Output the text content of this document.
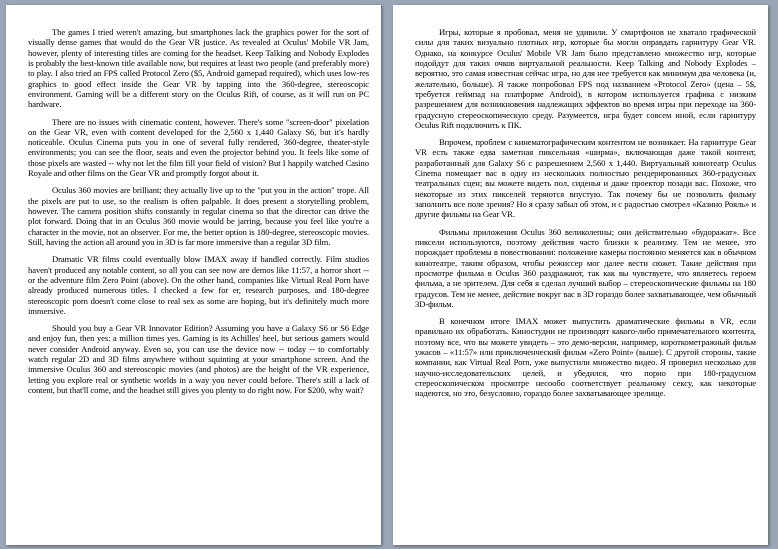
The games I tried weren't amazing, but smartphones lack the graphics power for the sort of visually dense games that would do the Gear VR justice. As revealed at Oculus' Mobile VR Jam, however, plenty of interesting titles are coming for the headset. Keep Talking and Nobody Explodes is probably the best-known title available now, but requires at least two people (and preferably more) to play. I also tried an FPS called Protocol Zero ($5, Android gamepad required), which uses low-res graphics to good effect inside the Gear VR by tapping into the 360-degree, stereoscopic environment. Gaming will be a different story on the Oculus Rift, of course, as it will run on PC hardware.

There are no issues with cinematic content, however. There's some "screen-door" pixelation on the Gear VR, even with content developed for the 2,560 x 1,440 Galaxy S6, but it's hardly noticeable. Oculus Cinema puts you in one of several fully rendered, 360-degree, theater-style environments; you can see the floor, seats and even the projector behind you. It feels like some of those pixels are wasted -- why not let the film fill your field of vision? But I happily watched Casino Royale and other films on the Gear VR and promptly forgot about it.

Oculus 360 movies are brilliant; they actually live up to the "put you in the action" trope. All the pixels are put to use, so the realism is often palpable. It does present a storytelling problem, however. The camera position shifts constantly in regular cinema so that the director can drive the plot forward. Doing that in an Oculus 360 movie would be jarring, because you feel like you're a character in the movie, not an observer. For me, the better option is 180-degree, stereoscopic movies. Still, having the action all around you in 3D is far more immersive than a regular 3D film.

Dramatic VR films could eventually blow IMAX away if handled correctly. Film studios haven't produced any notable content, so all you can see now are demos like 11:57, a horror short -- or the adventure film Zero Point (above). On the other hand, companies like Virtual Real Porn have already produced numerous titles. I checked a few for er, research purposes, and 180-degree stereoscopic porn doesn't come close to real sex as some are hoping, but it's definitely much more immersive.

Should you buy a Gear VR Innovator Edition? Assuming you have a Galaxy S6 or S6 Edge and enjoy fun, then yes: a million times yes. Gaming is its Achilles' heel, but serious gamers would never consider Android anyway. Even so, you can use the device now -- today -- to comfortably watch regular 2D and 3D films anywhere without squinting at your smartphone screen. And the immersive Oculus 360 and stereoscopic movies (and photos) are the height of the VR experience, letting you explore real or synthetic worlds in a way you never could before. There's still a lack of content, but that'll come, and the headset still gives you plenty to do right now. For $200, why wait?

Игры, которые я пробовал, меня не удивили. У смартфонов не хватало графической силы для таких визуально плотных игр, которые бы могли оправдать гарнитуру Gear VR. Однако, на конкурсе Oculus' Mobile VR Jam было представлено множество игр, которые подойдут для таких очков виртуальной реальности. Keep Talking and Nobody Explodes – вероятно, это самая известная сейчас игра, но для нее требуется как минимум два человека (и, желательно, больше). Я также попробовал FPS под названием «Protocol Zero» (цена – 5$, требуется геймпад на платформе Android), в котором используется графика с низким разрешением для возникновения надлежащих эффектов во время игры при переходе на 360-градусную стереоскопическую среду. Разумеется, игра будет совсем иной, если гарнитуру Oculus Rift подключить к ПК.

Впрочем, проблем с кинематографическим контентом не возникает. На гарнитуре Gear VR есть также едва заметная пиксельная «ширма», включающая даже такой контент, разработанный для Galaxy S6 с разрешением 2,560 x 1,440. Виртуальный кинотеатр Oculus Cinema помещает вас в одну из нескольких полностью рендерированных 360-градусных театральных сцен; вы можете видеть пол, сиденья и даже проектор позади вас. Похоже, что некоторые из этих пикселей теряются впустую. Так почему бы не позволить фильму заполнить все поле зрения? Но я сразу забыл об этом, и с радостью смотрел «Казино Рояль» и другие фильмы на Gear VR.

Фильмы приложения Oculus 360 великолепны; они действительно «будоражат». Все пиксели используются, поэтому действия часто близки к реализму. Тем не менее, это порождает проблемы в повествовании: положение камеры постоянно меняется как в обычном кинотеатре, таким образом, чтобы режиссер мог далее вести сюжет. Такие действия при просмотре фильма в Oculus 360 раздражают, так как вы чувствуете, что являетесь героем фильма, а не зрителем. Для себя я сделал лучший выбор – стереоскопические фильмы на 180 градусов. Тем не менее, действие вокруг вас в 3D гораздо более захватывающее, чем обычный 3D-фильм.

В конечном итоге IMAX может выпустить драматические фильмы в VR, если правильно их обработать. Киностудии не производят какого-либо примечательного контента, поэтому все, что вы можете увидеть – это демо-версии, например, короткометражный фильм ужасов – «11:57» или приключенческий фильм «Zero Point» (выше). С другой стороны, такие компании, как Virtual Real Porn, уже выпустили множество видео. Я проверил несколько для научно-исследовательских целей, и убедился, что порно при 180-градусном стереоскопическом просмотре несообо соответствует реальному сексу, как некоторые надеются, но это, безусловно, гораздо более захватывающее зрелище.
